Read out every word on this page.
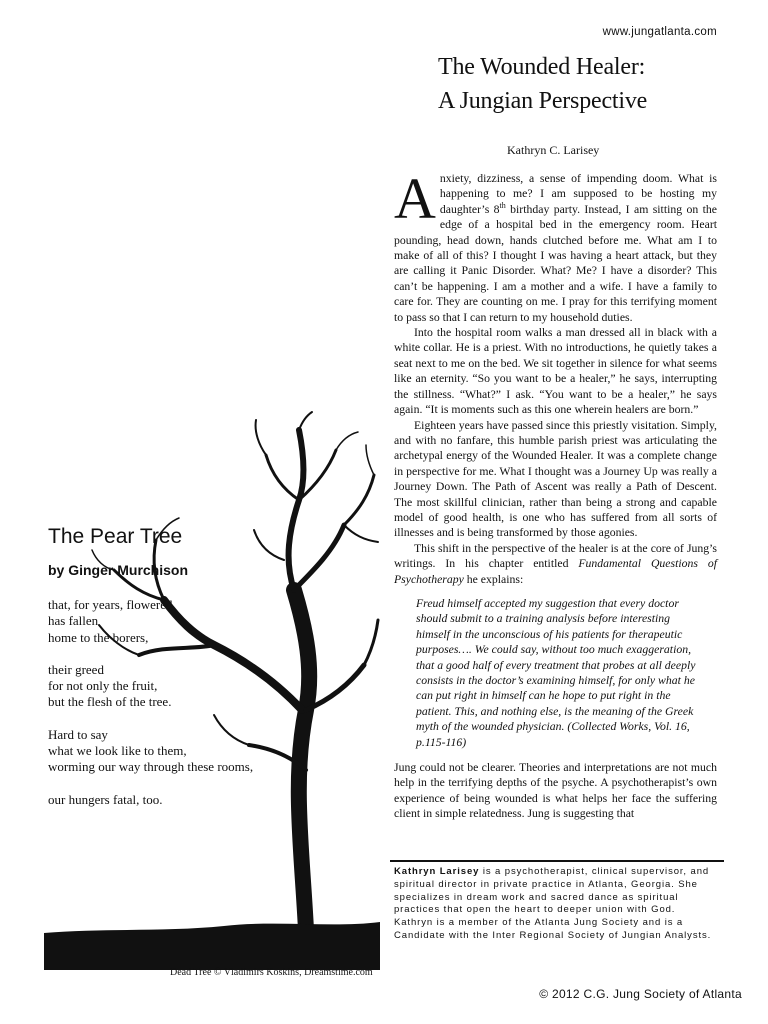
www.jungatlanta.com
The Wounded Healer:
A Jungian Perspective
Kathryn C. Larisey

Anxiety, dizziness, a sense of impending doom. What is happening to me? I am supposed to be hosting my daughter’s 8th birthday party. Instead, I am sitting on the edge of a hospital bed in the emergency room. Heart pounding, head down, hands clutched before me. What am I to make of all of this? I thought I was having a heart attack, but they are calling it Panic Disorder. What? Me? I have a disorder? This can’t be happening. I am a mother and a wife. I have a family to care for. They are counting on me. I pray for this terrifying moment to pass so that I can return to my household duties.

Into the hospital room walks a man dressed all in black with a white collar. He is a priest. With no introductions, he quietly takes a seat next to me on the bed. We sit together in silence for what seems like an eternity. “So you want to be a healer,” he says, interrupting the stillness. “What?” I ask. “You want to be a healer,” he says again. “It is moments such as this one wherein healers are born.”

Eighteen years have passed since this priestly visitation. Simply, and with no fanfare, this humble parish priest was articulating the archetypal energy of the Wounded Healer. It was a complete change in perspective for me. What I thought was a Journey Up was really a Journey Down. The Path of Ascent was really a Path of Descent. The most skillful clinician, rather than being a strong and capable model of good health, is one who has suffered from all sorts of illnesses and is being transformed by those agonies.

This shift in the perspective of the healer is at the core of Jung’s writings. In his chapter entitled Fundamental Questions of Psychotherapy he explains:

Freud himself accepted my suggestion that every doctor should submit to a training analysis before interesting himself in the unconscious of his patients for therapeutic purposes…. We could say, without too much exaggeration, that a good half of every treatment that probes at all deeply consists in the doctor’s examining himself, for only what he can put right in himself can he hope to put right in the patient. This, and nothing else, is the meaning of the Greek myth of the wounded physician. (Collected Works, Vol. 16, p.115-116)

Jung could not be clearer. Theories and interpretations are not much help in the terrifying depths of the psyche. A psychotherapist’s own experience of being wounded is what helps her face the suffering client in simple relatedness. Jung is suggesting that

The Pear Tree
by Ginger Murchison
that, for years, flowered
has fallen
home to the borers,
their greed
for not only the fruit,
but the flesh of the tree.
Hard to say
what we look like to them,
worming our way through these rooms,
our hungers fatal, too.
Dead Tree © Vladimirs Koskins, Dreamstime.com
Kathryn Larisey is a psychotherapist, clinical supervisor, and spiritual director in private practice in Atlanta, Georgia. She specializes in dream work and sacred dance as spiritual practices that open the heart to deeper union with God. Kathryn is a member of the Atlanta Jung Society and is a Candidate with the Inter Regional Society of Jungian Analysts.
© 2012 C.G. Jung Society of Atlanta
